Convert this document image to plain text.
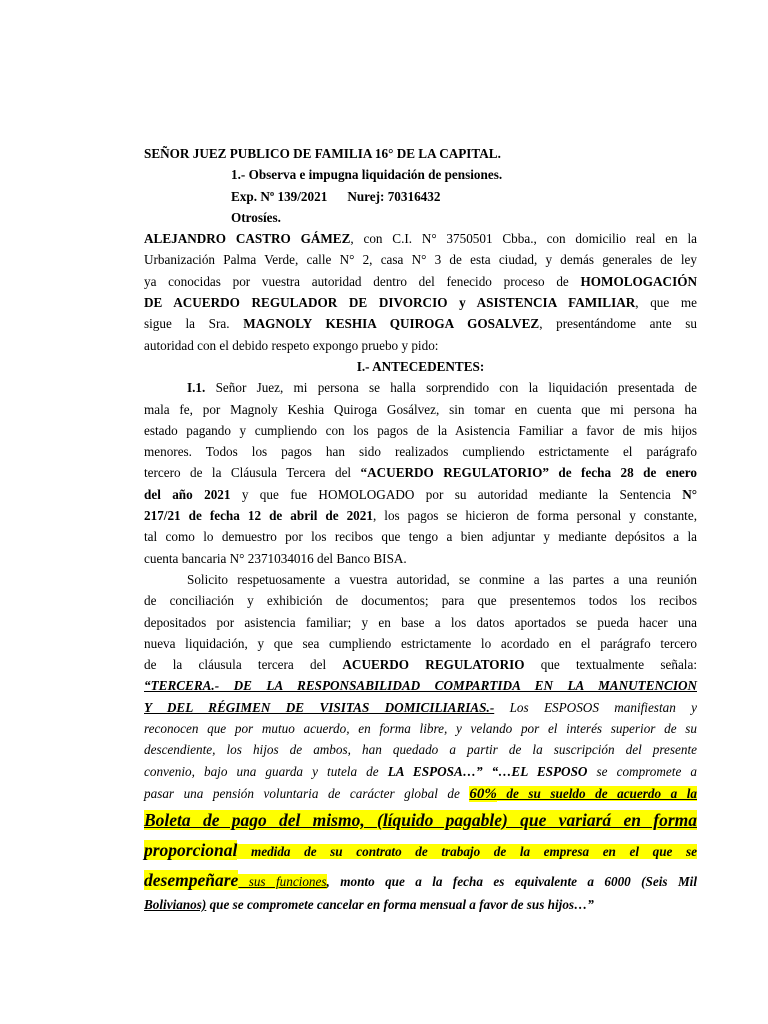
SEÑOR JUEZ PUBLICO DE FAMILIA 16° DE LA CAPITAL.
1.- Observa e impugna liquidación de pensiones.
Exp. Nº 139/2021 Nurej: 70316432
Otrosíes.
ALEJANDRO CASTRO GÁMEZ, con C.I. N° 3750501 Cbba., con domicilio real en la
Urbanización Palma Verde, calle N° 2, casa N° 3 de esta ciudad, y demás generales de ley
ya conocidas por vuestra autoridad dentro del fenecido proceso de HOMOLOGACIÓN
DE ACUERDO REGULADOR DE DIVORCIO y ASISTENCIA FAMILIAR, que me
sigue la Sra. MAGNOLY KESHIA QUIROGA GOSALVEZ, presentándome ante su
autoridad con el debido respeto expongo pruebo y pido:
I.- ANTECEDENTES:
I.1. Señor Juez, mi persona se halla sorprendido con la liquidación presentada de
mala fe, por Magnoly Keshia Quiroga Gosálvez, sin tomar en cuenta que mi persona ha
estado pagando y cumpliendo con los pagos de la Asistencia Familiar a favor de mis hijos
menores. Todos los pagos han sido realizados cumpliendo estrictamente el parágrafo
tercero de la Cláusula Tercera del “ACUERDO REGULATORIO” de fecha 28 de enero
del año 2021 y que fue HOMOLOGADO por su autoridad mediante la Sentencia N°
217/21 de fecha 12 de abril de 2021, los pagos se hicieron de forma personal y constante,
tal como lo demuestro por los recibos que tengo a bien adjuntar y mediante depósitos a la
cuenta bancaria N° 2371034016 del Banco BISA.
Solicito respetuosamente a vuestra autoridad, se conmine a las partes a una reunión
de conciliación y exhibición de documentos; para que presentemos todos los recibos
depositados por asistencia familiar; y en base a los datos aportados se pueda hacer una
nueva liquidación, y que sea cumpliendo estrictamente lo acordado en el parágrafo tercero
de la cláusula tercera del ACUERDO REGULATORIO que textualmente señala:
“TERCERA.- DE LA RESPONSABILIDAD COMPARTIDA EN LA MANUTENCION
Y DEL RÉGIMEN DE VISITAS DOMICILIARIAS.- Los ESPOSOS manifiestan y
reconocen que por mutuo acuerdo, en forma libre, y velando por el interés superior de su
descendiente, los hijos de ambos, han quedado a partir de la suscripción del presente
convenio, bajo una guarda y tutela de LA ESPOSA…” “…EL ESPOSO se compromete a
pasar una pensión voluntaria de carácter global de 60% de su sueldo de acuerdo a la
Boleta de pago del mismo, (líquido pagable) que variará en forma
proporcional medida de su contrato de trabajo de la empresa en el que se
desempeñare sus funciones, monto que a la fecha es equivalente a 6000 (Seis Mil
Bolivianos) que se compromete cancelar en forma mensual a favor de sus hijos…”
